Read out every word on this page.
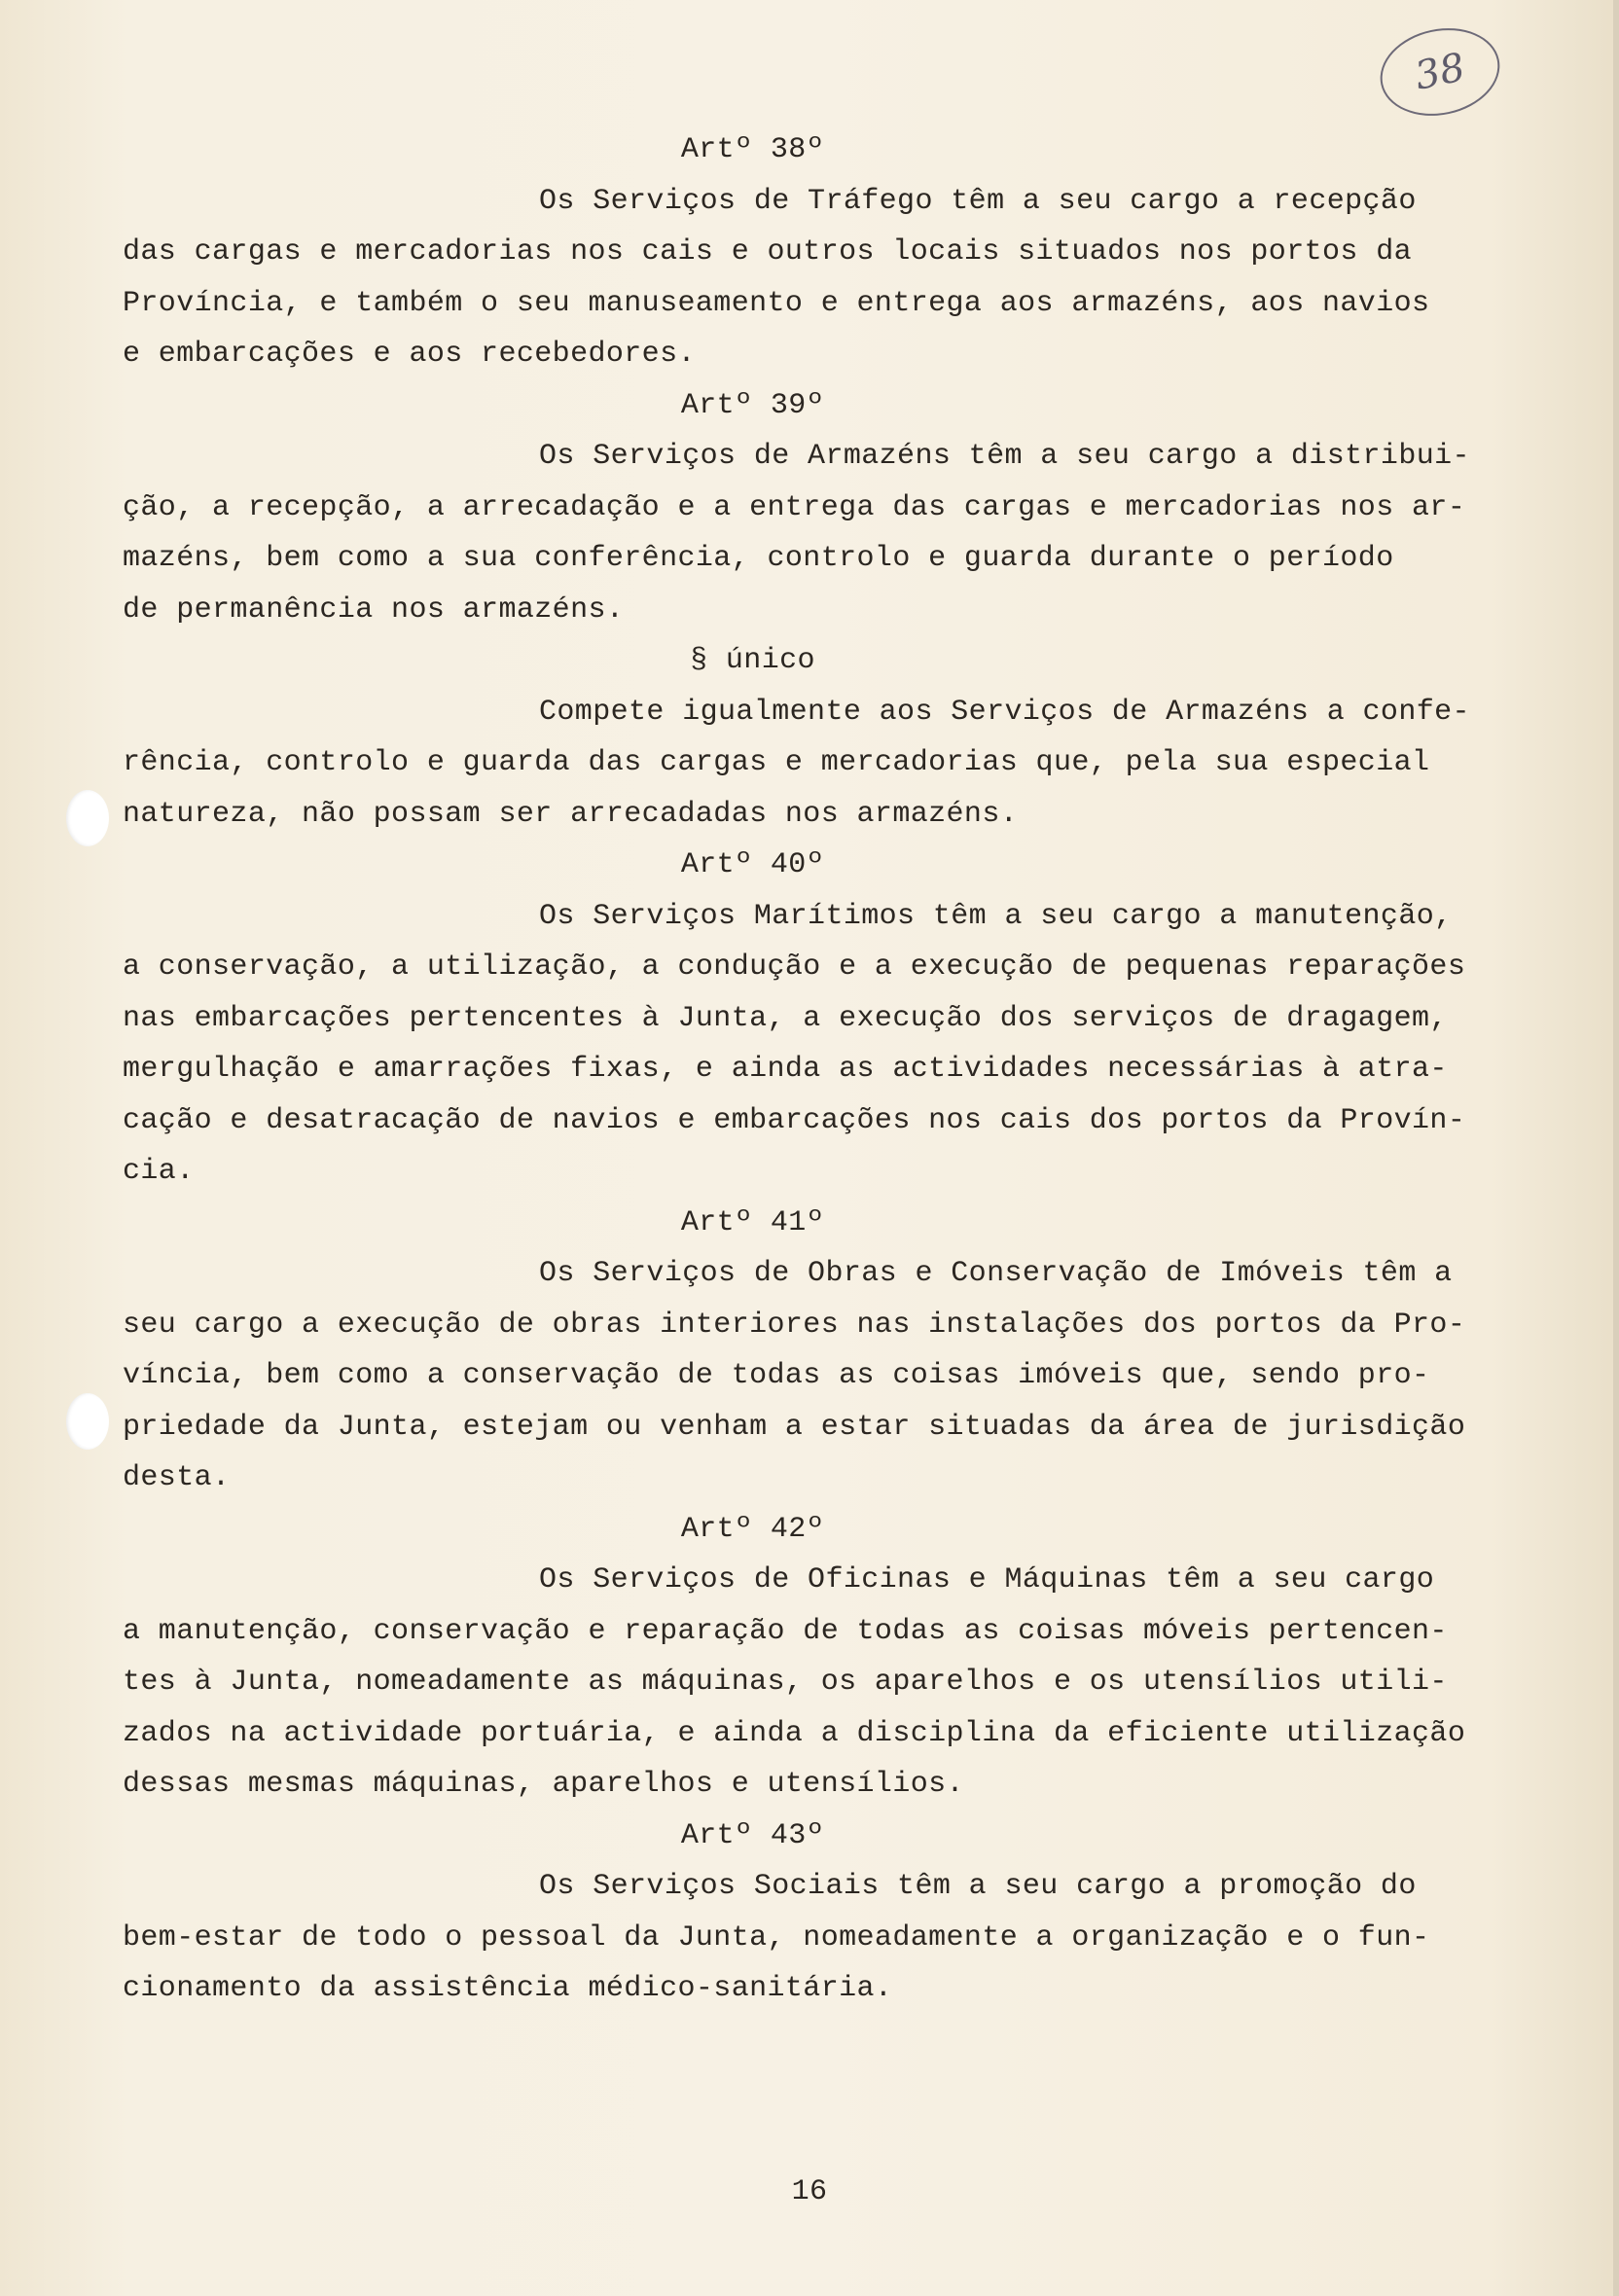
38
Artº 38º
Os Serviços de Tráfego têm a seu cargo a recepção
das cargas e mercadorias nos cais e outros locais situados nos portos da
Província, e também o seu manuseamento e entrega aos armazéns, aos navios
e embarcações e aos recebedores.
Artº 39º
Os Serviços de Armazéns têm a seu cargo a distribui-
ção, a recepção, a arrecadação e a entrega das cargas e mercadorias nos ar-
mazéns, bem como a sua conferência, controlo e guarda durante o período
de permanência nos armazéns.
§ único
Compete igualmente aos Serviços de Armazéns a confe-
rência, controlo e guarda das cargas e mercadorias que, pela sua especial
natureza, não possam ser arrecadadas nos armazéns.
Artº 40º
Os Serviços Marítimos têm a seu cargo a manutenção,
a conservação, a utilização, a condução e a execução de pequenas reparações
nas embarcações pertencentes à Junta, a execução dos serviços de dragagem,
mergulhação e amarrações fixas, e ainda as actividades necessárias à atra-
cação e desatracação de navios e embarcações nos cais dos portos da Provín-
cia.
Artº 41º
Os Serviços de Obras e Conservação de Imóveis têm a
seu cargo a execução de obras interiores nas instalações dos portos da Pro-
víncia, bem como a conservação de todas as coisas imóveis que, sendo pro-
priedade da Junta, estejam ou venham a estar situadas da área de jurisdição
desta.
Artº 42º
Os Serviços de Oficinas e Máquinas têm a seu cargo
a manutenção, conservação e reparação de todas as coisas móveis pertencen-
tes à Junta, nomeadamente as máquinas, os aparelhos e os utensílios utili-
zados na actividade portuária, e ainda a disciplina da eficiente utilização
dessas mesmas máquinas, aparelhos e utensílios.
Artº 43º
Os Serviços Sociais têm a seu cargo a promoção do
bem-estar de todo o pessoal da Junta, nomeadamente a organização e o fun-
cionamento da assistência médico-sanitária.
16
